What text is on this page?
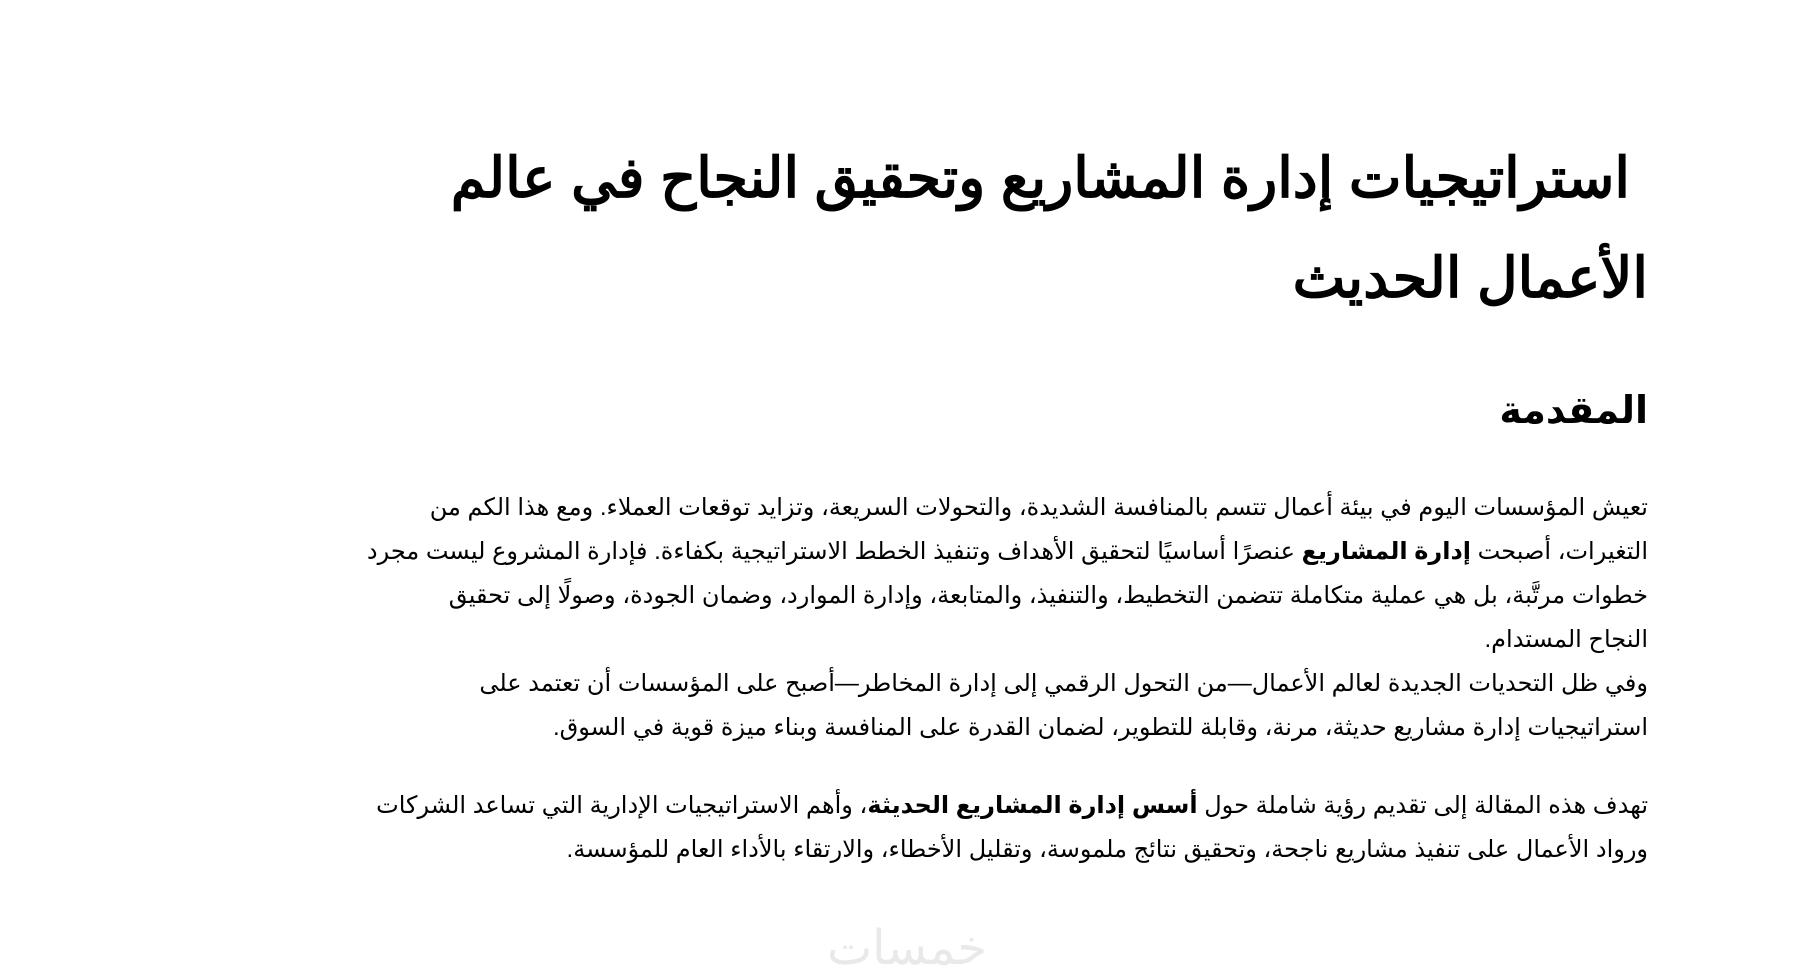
استراتيجيات إدارة المشاريع وتحقيق النجاح في عالم
الأعمال الحديث
المقدمة

تعيش المؤسسات اليوم في بيئة أعمال تتسم بالمنافسة الشديدة، والتحولات السريعة، وتزايد توقعات العملاء. ومع هذا الكم من
التغيرات، أصبحت إدارة المشاريع عنصرًا أساسيًا لتحقيق الأهداف وتنفيذ الخطط الاستراتيجية بكفاءة. فإدارة المشروع ليست مجرد
خطوات مرتَّبة، بل هي عملية متكاملة تتضمن التخطيط، والتنفيذ، والمتابعة، وإدارة الموارد، وضمان الجودة، وصولًا إلى تحقيق
النجاح المستدام.

وفي ظل التحديات الجديدة لعالم الأعمال—من التحول الرقمي إلى إدارة المخاطر—أصبح على المؤسسات أن تعتمد على
استراتيجيات إدارة مشاريع حديثة، مرنة، وقابلة للتطوير، لضمان القدرة على المنافسة وبناء ميزة قوية في السوق.

تهدف هذه المقالة إلى تقديم رؤية شاملة حول أسس إدارة المشاريع الحديثة، وأهم الاستراتيجيات الإدارية التي تساعد الشركات
ورواد الأعمال على تنفيذ مشاريع ناجحة، وتحقيق نتائج ملموسة، وتقليل الأخطاء، والارتقاء بالأداء العام للمؤسسة.

خمسات
